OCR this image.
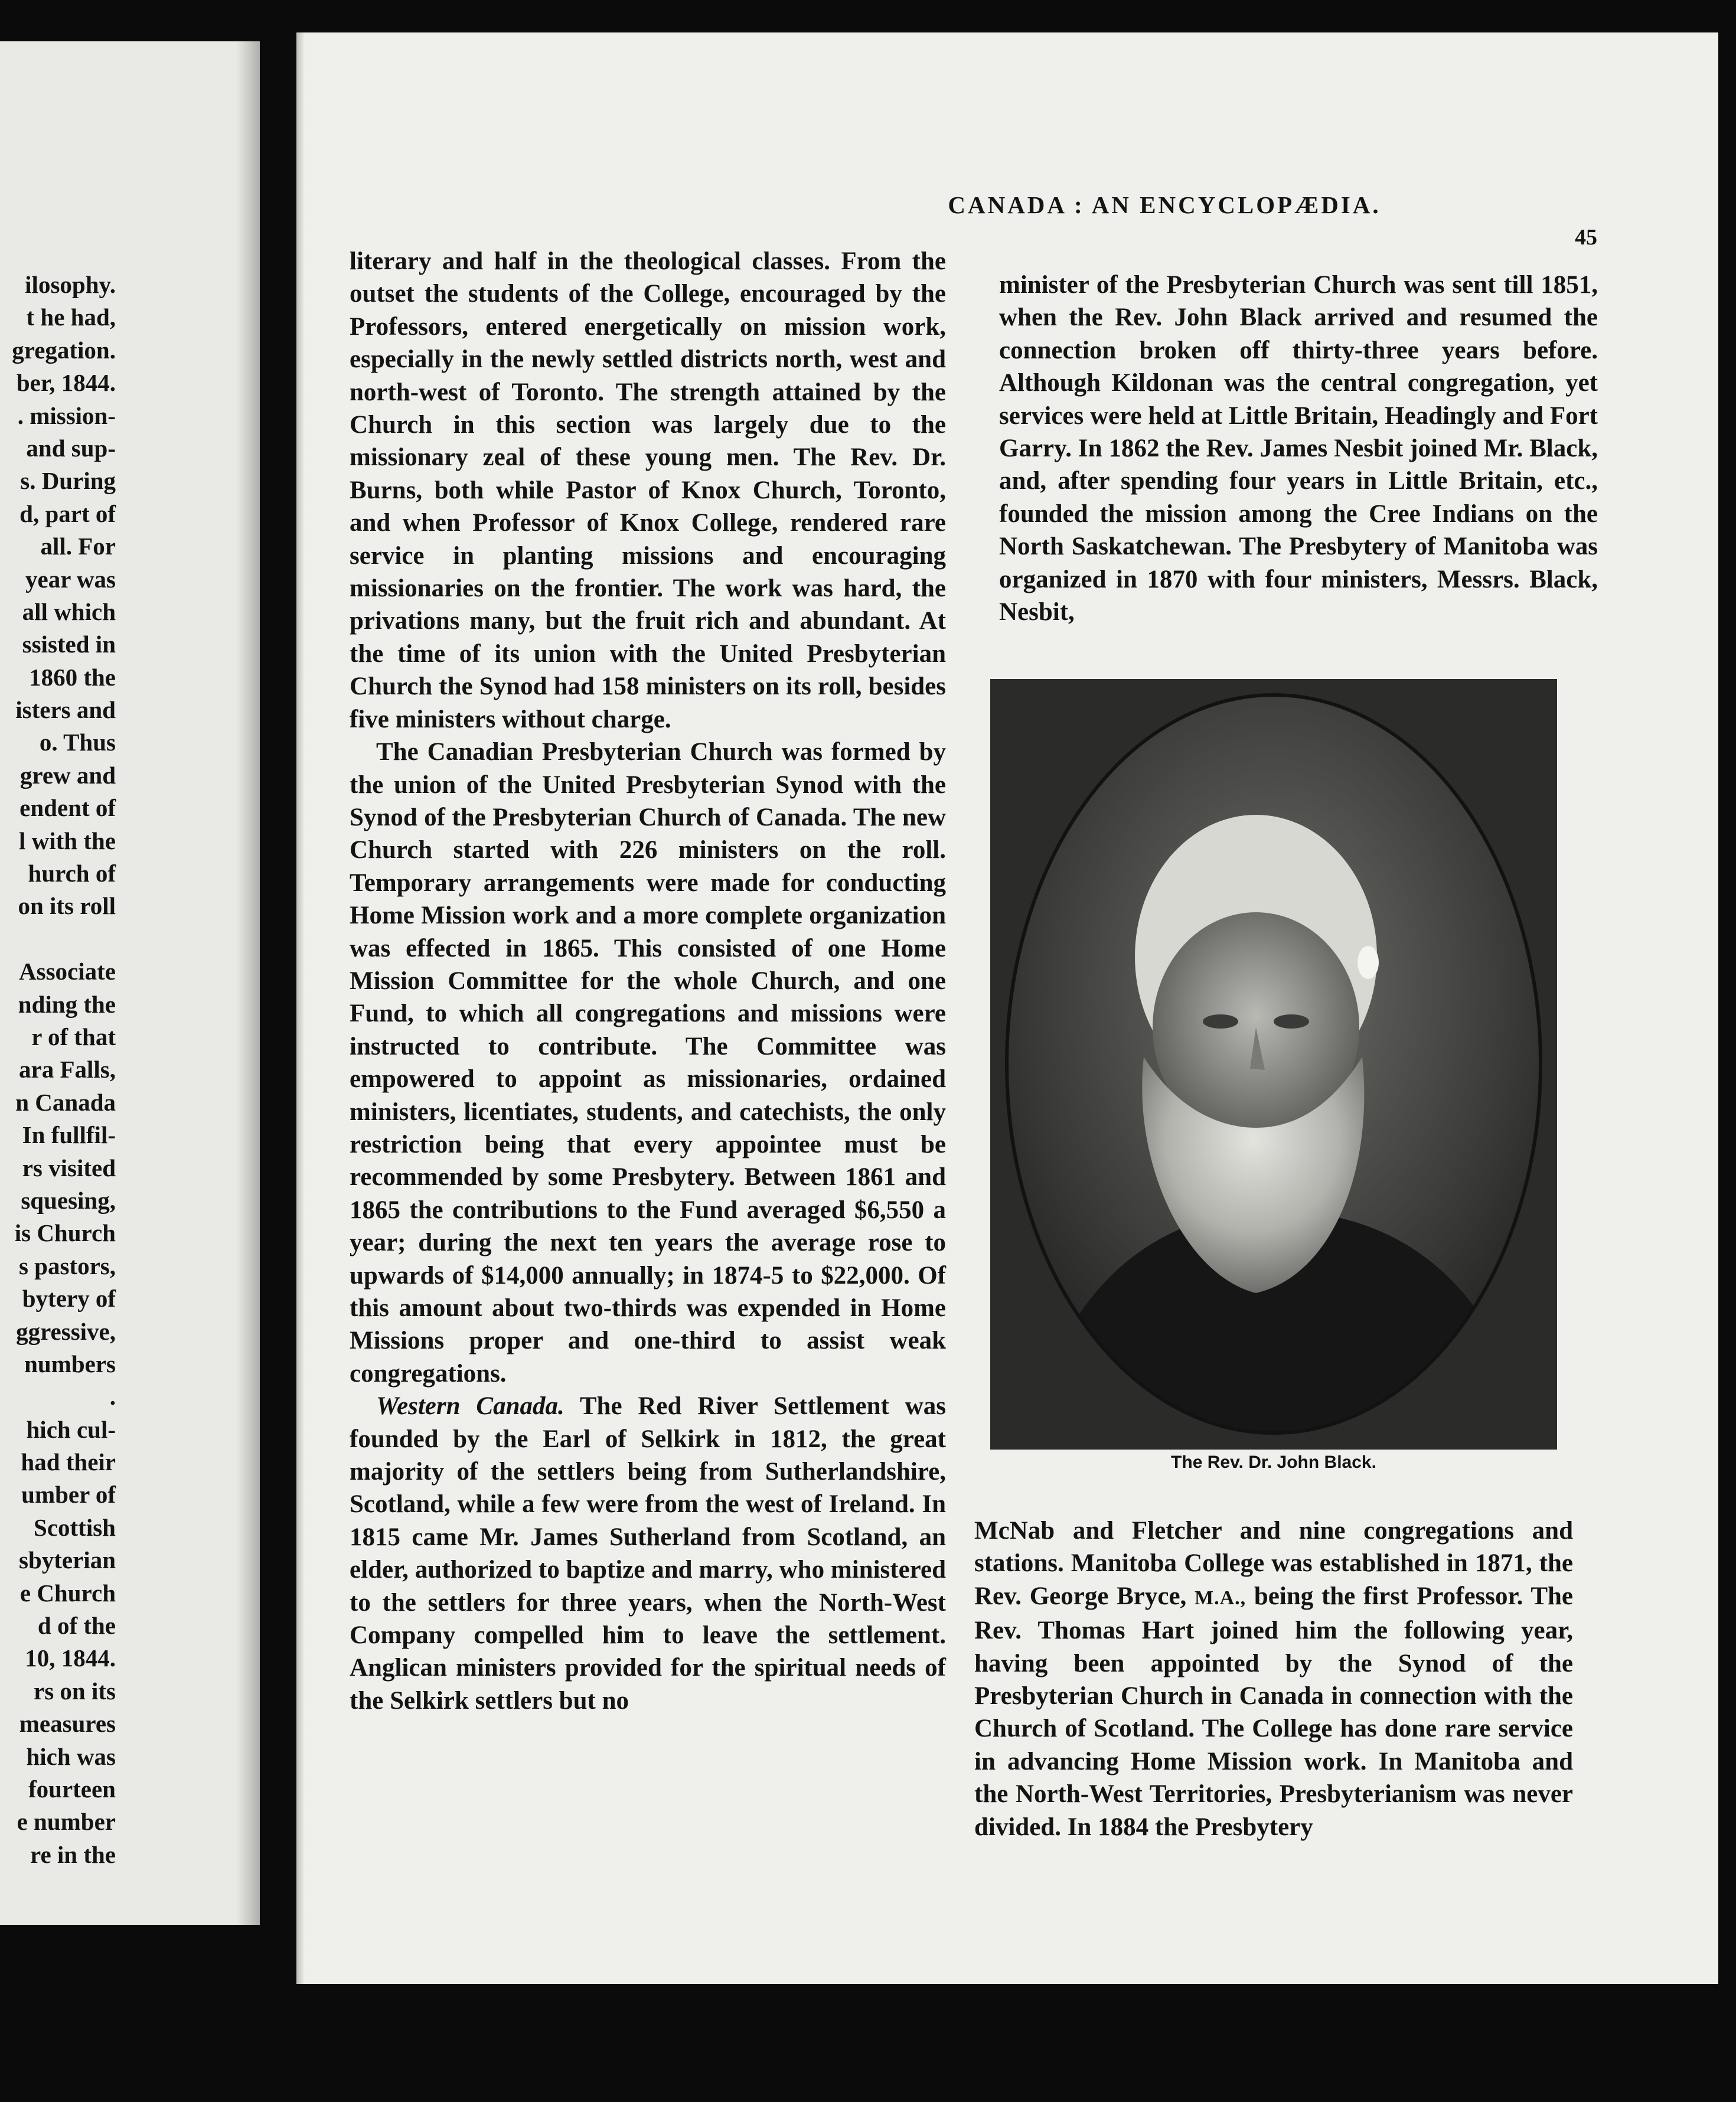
ilosophy.
t he had,
gregation.
ber, 1844.
. mission-
and sup-
s. During
d, part of
all. For
year was
all which
ssisted in
1860 the
isters and
o. Thus
grew and
endent of
l with the
hurch of
on its roll
Associate
nding the
r of that
ara Falls,
n Canada
In fullfil-
rs visited
squesing,
is Church
s pastors,
bytery of
ggressive,
numbers
.
hich cul-
had their
umber of
Scottish
sbyterian
e Church
d of the
10, 1844.
rs on its
measures
hich was
fourteen
e number
re in the
CANADA : AN ENCYCLOPÆDIA.
45

literary and half in the theological classes. From the outset the students of the College, encouraged by the Professors, entered energetically on mission work, especially in the newly settled districts north, west and north-west of Toronto. The strength attained by the Church in this section was largely due to the missionary zeal of these young men. The Rev. Dr. Burns, both while Pastor of Knox Church, Toronto, and when Professor of Knox College, rendered rare service in planting missions and encouraging missionaries on the frontier. The work was hard, the privations many, but the fruit rich and abundant. At the time of its union with the United Presbyterian Church the Synod had 158 ministers on its roll, besides five ministers without charge.

The Canadian Presbyterian Church was formed by the union of the United Presbyterian Synod with the Synod of the Presbyterian Church of Canada. The new Church started with 226 ministers on the roll. Temporary arrangements were made for conducting Home Mission work and a more complete organization was effected in 1865. This consisted of one Home Mission Committee for the whole Church, and one Fund, to which all congregations and missions were instructed to contribute. The Committee was empowered to appoint as missionaries, ordained ministers, licentiates, students, and catechists, the only restriction being that every appointee must be recommended by some Presbytery. Between 1861 and 1865 the contributions to the Fund averaged $6,550 a year; during the next ten years the average rose to upwards of $14,000 annually; in 1874-5 to $22,000. Of this amount about two-thirds was expended in Home Missions proper and one-third to assist weak congregations.

Western Canada. The Red River Settlement was founded by the Earl of Selkirk in 1812, the great majority of the settlers being from Sutherlandshire, Scotland, while a few were from the west of Ireland. In 1815 came Mr. James Sutherland from Scotland, an elder, authorized to baptize and marry, who ministered to the settlers for three years, when the North-West Company compelled him to leave the settlement. Anglican ministers provided for the spiritual needs of the Selkirk settlers but no

minister of the Presbyterian Church was sent till 1851, when the Rev. John Black arrived and resumed the connection broken off thirty-three years before. Although Kildonan was the central congregation, yet services were held at Little Britain, Headingly and Fort Garry. In 1862 the Rev. James Nesbit joined Mr. Black, and, after spending four years in Little Britain, etc., founded the mission among the Cree Indians on the North Saskatchewan. The Presbytery of Manitoba was organized in 1870 with four ministers, Messrs. Black, Nesbit,

The Rev. Dr. John Black.

McNab and Fletcher and nine congregations and stations. Manitoba College was established in 1871, the Rev. George Bryce, M.A., being the first Professor. The Rev. Thomas Hart joined him the following year, having been appointed by the Synod of the Presbyterian Church in Canada in connection with the Church of Scotland. The College has done rare service in advancing Home Mission work. In Manitoba and the North-West Territories, Presbyterianism was never divided. In 1884 the Presbytery
